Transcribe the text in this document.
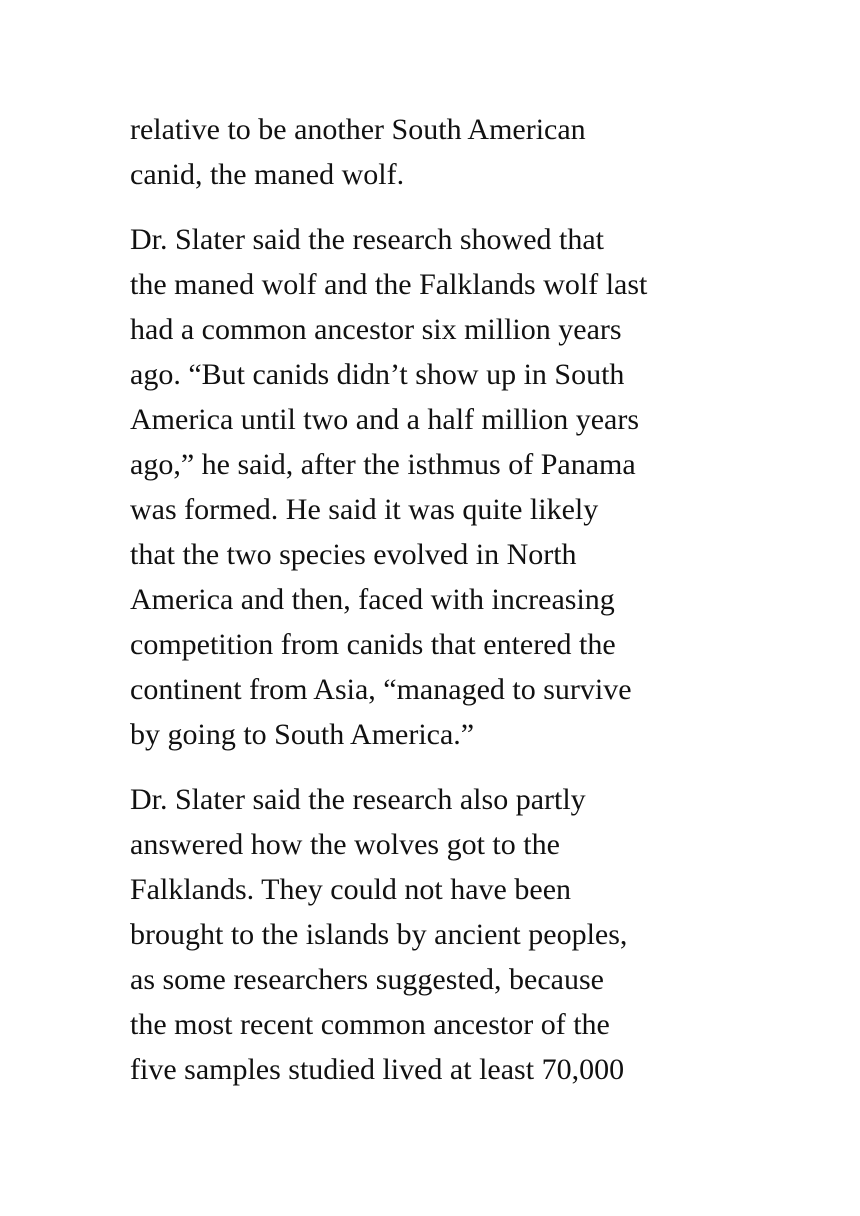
relative to be another South American
canid, the maned wolf.

Dr. Slater said the research showed that
the maned wolf and the Falklands wolf last
had a common ancestor six million years
ago. “But canids didn’t show up in South
America until two and a half million years
ago,” he said, after the isthmus of Panama
was formed. He said it was quite likely
that the two species evolved in North
America and then, faced with increasing
competition from canids that entered the
continent from Asia, “managed to survive
by going to South America.”

Dr. Slater said the research also partly
answered how the wolves got to the
Falklands. They could not have been
brought to the islands by ancient peoples,
as some researchers suggested, because
the most recent common ancestor of the
five samples studied lived at least 70,000
